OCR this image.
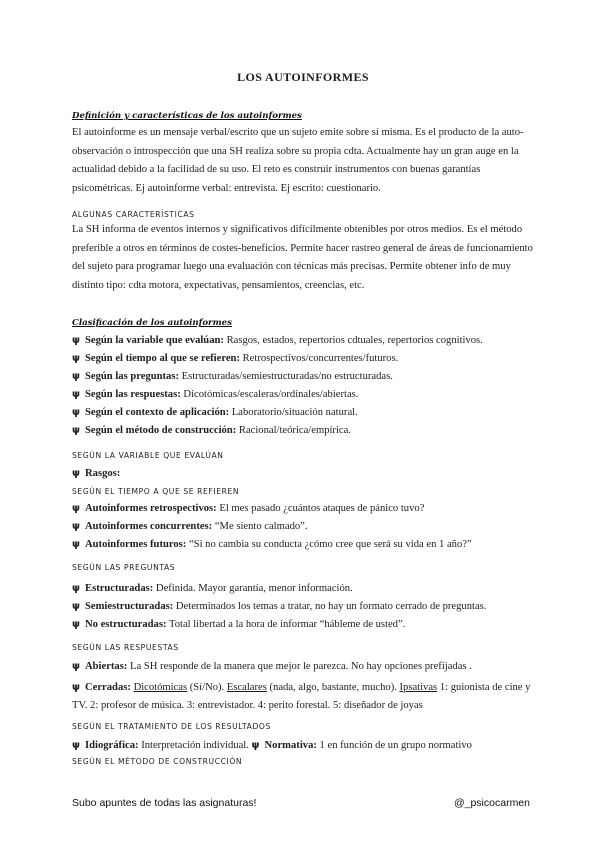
LOS AUTOINFORMES
Definición y características de los autoinformes
El autoinforme es un mensaje verbal/escrito que un sujeto emite sobre sí misma. Es el producto de la auto-observación o introspección que una SH realiza sobre su propia cdta. Actualmente hay un gran auge en la actualidad debido a la facilidad de su uso. El reto es construir instrumentos con buenas garantías psicométricas. Ej autoinforme verbal: entrevista. Ej escrito: cuestionario.
ALGUNAS CARACTERÍSTICAS
La SH informa de eventos internos y significativos difícilmente obtenibles por otros medios. Es el método preferible a otros en términos de costes-beneficios. Permite hacer rastreo general de áreas de funcionamiento del sujeto para programar luego una evaluación con técnicas más precisas. Permite obtener info de muy distinto tipo: cdta motora, expectativas, pensamientos, creencias, etc.
Clasificación de los autoinformes
ψ Según la variable que evalúan: Rasgos, estados, repertorios cdtuales, repertorios cognitivos.
ψ Según el tiempo al que se refieren: Retrospectivos/concurrentes/futuros.
ψ Según las preguntas: Estructuradas/semiestructuradas/no estructuradas.
ψ Según las respuestas: Dicotómicas/escaleras/ordinales/abiertas.
ψ Según el contexto de aplicación: Laboratorio/situación natural.
ψ Según el método de construcción: Racional/teórica/empírica.
SEGÚN LA VARIABLE QUE EVALÚAN
ψ Rasgos:
SEGÚN EL TIEMPO A QUE SE REFIEREN
ψ Autoinformes retrospectivos: El mes pasado ¿cuántos ataques de pánico tuvo?
ψ Autoinformes concurrentes: “Me siento calmado”.
ψ Autoinformes futuros: “Si no cambia su conducta ¿cómo cree que será su vida en 1 año?”
SEGÚN LAS PREGUNTAS
ψ Estructuradas: Definida. Mayor garantía, menor información.
ψ Semiestructuradas: Determinados los temas a tratar, no hay un formato cerrado de preguntas.
ψ No estructuradas: Total libertad a la hora de informar “hábleme de usted”.
SEGÚN LAS RESPUESTAS
ψ Abiertas: La SH responde de la manera que mejor le parezca. No hay opciones prefijadas .
ψ Cerradas: Dicotómicas (Sí/No). Escalares (nada, algo, bastante, mucho). Ipsativas 1: guionista de cine y TV. 2: profesor de música. 3: entrevistador. 4: perito forestal. 5: diseñador de joyas
SEGÚN EL TRATAMIENTO DE LOS RESULTADOS
ψ Idiográfica: Interpretación individual. ψ Normativa: 1 en función de un grupo normativo
SEGÚN EL MÉTODO DE CONSTRUCCIÓN
Subo apuntes de todas las asignaturas!	@_psicocarmen
